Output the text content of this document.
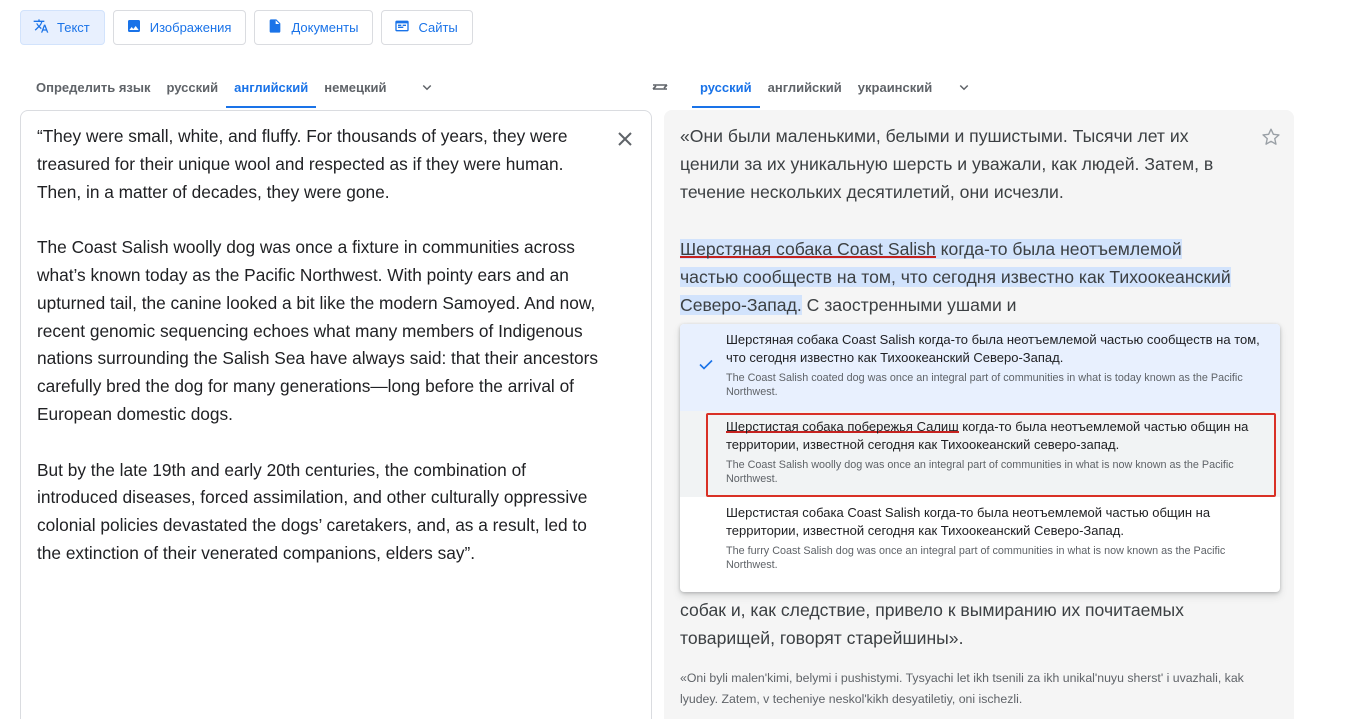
Текст	Изображения	Документы	Сайты
Определить язык	русский	английский	немецкий	русский	английский	украинский

“They were small, white, and fluffy. For thousands of years, they were treasured for their unique wool and respected as if they were human. Then, in a matter of decades, they were gone.

The Coast Salish woolly dog was once a fixture in communities across what’s known today as the Pacific Northwest. With pointy ears and an upturned tail, the canine looked a bit like the modern Samoyed. And now, recent genomic sequencing echoes what many members of Indigenous nations surrounding the Salish Sea have always said: that their ancestors carefully bred the dog for many generations—long before the arrival of European domestic dogs.

But by the late 19th and early 20th centuries, the combination of introduced diseases, forced assimilation, and other culturally oppressive colonial policies devastated the dogs’ caretakers, and, as a result, led to the extinction of their venerated companions, elders say”.

«Они были маленькими, белыми и пушистыми. Тысячи лет их ценили за их уникальную шерсть и уважали, как людей. Затем, в течение нескольких десятилетий, они исчезли.
Шерстяная собака Coast Salish когда-то была неотъемлемой частью сообществ на том, что сегодня известно как Тихоокеанский Северо-Запад. С заостренными ушами и
Шерстяная собака Coast Salish когда-то была неотъемлемой частью сообществ на том, что сегодня известно как Тихоокеанский Северо-Запад.
The Coast Salish coated dog was once an integral part of communities in what is today known as the Pacific Northwest.
Шерстистая собака побережья Салиш когда-то была неотъемлемой частью общин на территории, известной сегодня как Тихоокеанский северо-запад.
The Coast Salish woolly dog was once an integral part of communities in what is now known as the Pacific Northwest.
Шерстистая собака Coast Salish когда-то была неотъемлемой частью общин на территории, известной сегодня как Тихоокеанский Северо-Запад.
The furry Coast Salish dog was once an integral part of communities in what is now known as the Pacific Northwest.
собак и, как следствие, привело к вымиранию их почитаемых товарищей, говорят старейшины».
«Oni byli malen'kimi, belymi i pushistymi. Tysyachi let ikh tsenili za ikh unikal'nuyu sherst' i uvazhali, kak lyudey. Zatem, v techeniye neskol'kikh desyatiletiy, oni ischezli.
